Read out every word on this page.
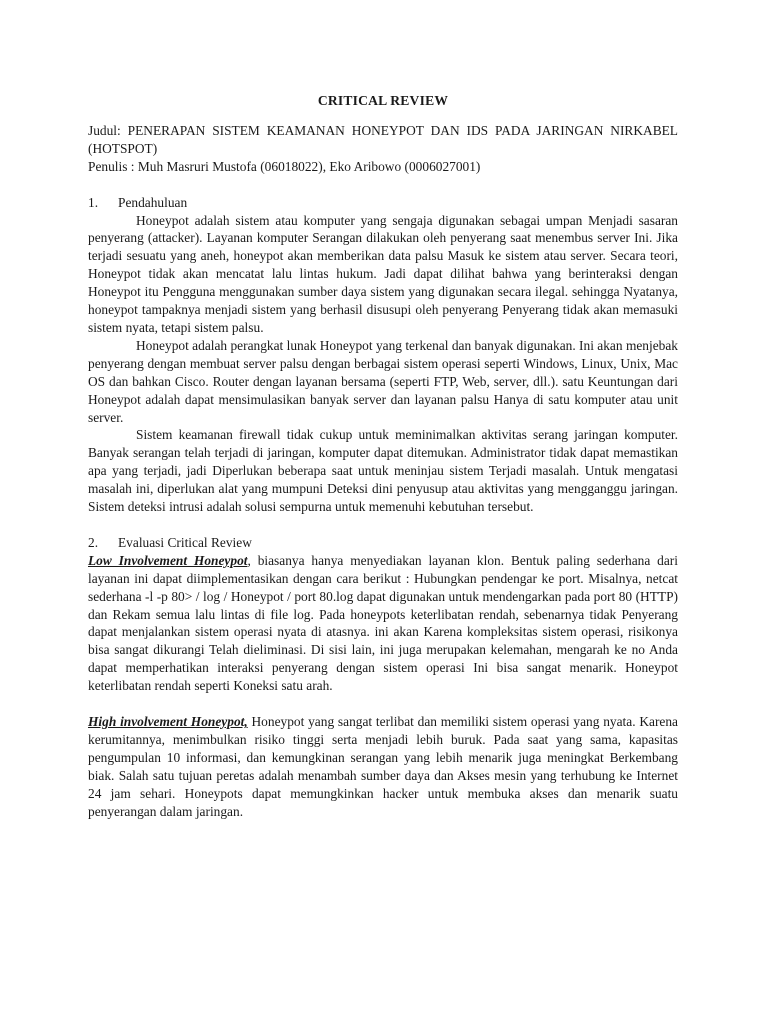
CRITICAL REVIEW

Judul: PENERAPAN SISTEM KEAMANAN HONEYPOT DAN IDS PADA JARINGAN NIRKABEL (HOTSPOT)

Penulis : Muh Masruri Mustofa (06018022), Eko Aribowo (0006027001)

1.	Pendahuluan

Honeypot adalah sistem atau komputer yang sengaja digunakan sebagai umpan Menjadi sasaran penyerang (attacker). Layanan komputer Serangan dilakukan oleh penyerang saat menembus server Ini. Jika terjadi sesuatu yang aneh, honeypot akan memberikan data palsu Masuk ke sistem atau server. Secara teori, Honeypot tidak akan mencatat lalu lintas hukum. Jadi dapat dilihat bahwa yang berinteraksi dengan Honeypot itu Pengguna menggunakan sumber daya sistem yang digunakan secara ilegal. sehingga Nyatanya, honeypot tampaknya menjadi sistem yang berhasil disusupi oleh penyerang Penyerang tidak akan memasuki sistem nyata, tetapi sistem palsu.

Honeypot adalah perangkat lunak Honeypot yang terkenal dan banyak digunakan. Ini akan menjebak penyerang dengan membuat server palsu dengan berbagai sistem operasi seperti Windows, Linux, Unix, Mac OS dan bahkan Cisco. Router dengan layanan bersama (seperti FTP, Web, server, dll.). satu Keuntungan dari Honeypot adalah dapat mensimulasikan banyak server dan layanan palsu Hanya di satu komputer atau unit server.

Sistem keamanan firewall tidak cukup untuk meminimalkan aktivitas serang jaringan komputer. Banyak serangan telah terjadi di jaringan, komputer dapat ditemukan. Administrator tidak dapat memastikan apa yang terjadi, jadi Diperlukan beberapa saat untuk meninjau sistem Terjadi masalah. Untuk mengatasi masalah ini, diperlukan alat yang mumpuni Deteksi dini penyusup atau aktivitas yang mengganggu jaringan. Sistem deteksi intrusi adalah solusi sempurna untuk memenuhi kebutuhan tersebut.

2.	Evaluasi Critical Review

Low Involvement Honeypot, biasanya hanya menyediakan layanan klon. Bentuk paling sederhana dari layanan ini dapat diimplementasikan dengan cara berikut : Hubungkan pendengar ke port. Misalnya, netcat sederhana -l -p 80> / log / Honeypot / port 80.log dapat digunakan untuk mendengarkan pada port 80 (HTTP) dan Rekam semua lalu lintas di file log. Pada honeypots keterlibatan rendah, sebenarnya tidak Penyerang dapat menjalankan sistem operasi nyata di atasnya. ini akan Karena kompleksitas sistem operasi, risikonya bisa sangat dikurangi Telah dieliminasi. Di sisi lain, ini juga merupakan kelemahan, mengarah ke no Anda dapat memperhatikan interaksi penyerang dengan sistem operasi Ini bisa sangat menarik. Honeypot keterlibatan rendah seperti Koneksi satu arah.

High involvement Honeypot, Honeypot yang sangat terlibat dan memiliki sistem operasi yang nyata. Karena kerumitannya, menimbulkan risiko tinggi serta menjadi lebih buruk. Pada saat yang sama, kapasitas pengumpulan 10 informasi, dan kemungkinan serangan yang lebih menarik juga meningkat Berkembang biak. Salah satu tujuan peretas adalah menambah sumber daya dan Akses mesin yang terhubung ke Internet 24 jam sehari. Honeypots dapat memungkinkan hacker untuk membuka akses dan menarik suatu penyerangan dalam jaringan.
